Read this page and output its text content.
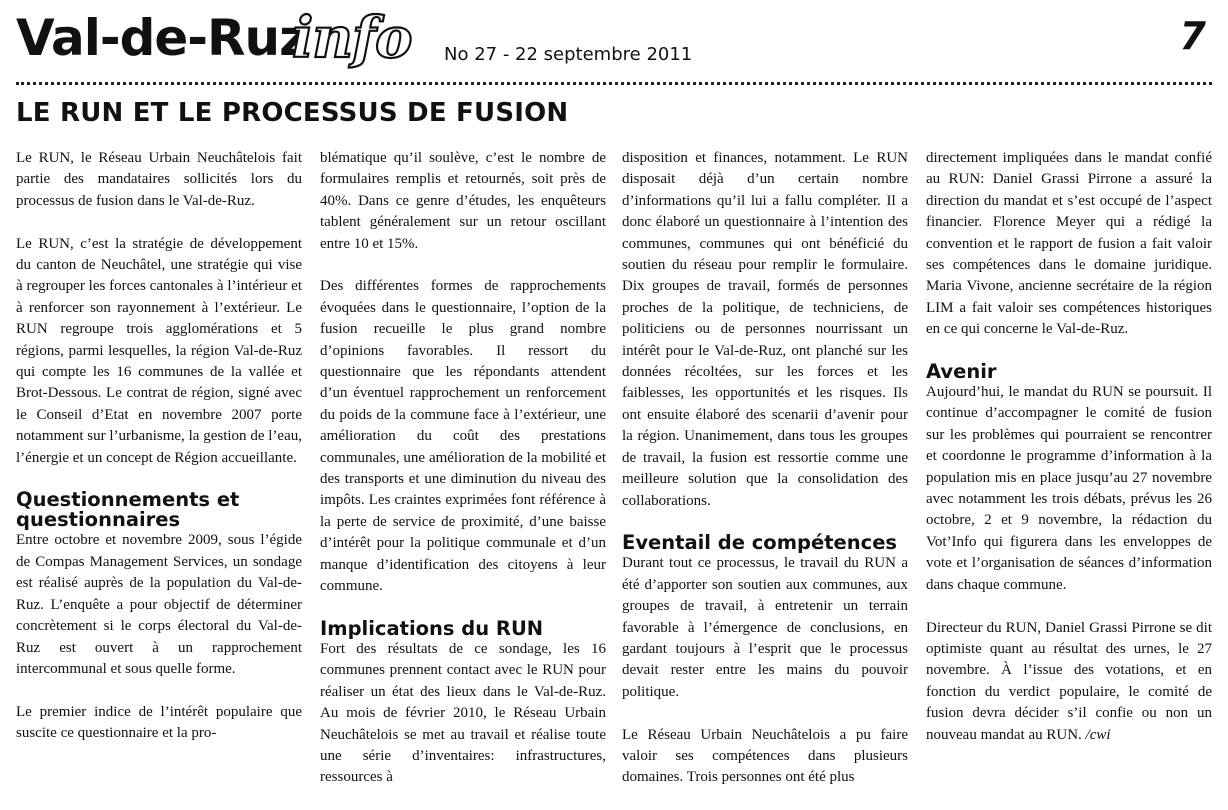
Val-de-Ruz
info No 27 - 22 septembre 2011	7
LE RUN ET LE PROCESSUS DE FUSION

Le RUN, le Réseau Urbain Neuchâtelois fait partie des mandataires sollicités lors du processus de fusion dans le Val-de-Ruz.

Le RUN, c’est la stratégie de développement du canton de Neuchâtel, une stratégie qui vise à regrouper les forces cantonales à l’intérieur et à renforcer son rayonnement à l’extérieur. Le RUN regroupe trois agglomérations et 5 régions, parmi lesquelles, la région Val-de-Ruz qui compte les 16 communes de la vallée et Brot-Dessous. Le contrat de région, signé avec le Conseil d’Etat en novembre 2007 porte notamment sur l’urbanisme, la gestion de l’eau, l’énergie et un concept de Région accueillante.

Questionnements et questionnaires

Entre octobre et novembre 2009, sous l’égide de Compas Management Services, un sondage est réalisé auprès de la population du Val-de-Ruz. L’enquête a pour objectif de déterminer concrètement si le corps électoral du Val-de-Ruz est ouvert à un rapprochement intercommunal et sous quelle forme.

Le premier indice de l’intérêt populaire que suscite ce questionnaire et la pro-

blématique qu’il soulève, c’est le nombre de formulaires remplis et retournés, soit près de 40%. Dans ce genre d’études, les enquêteurs tablent généralement sur un retour oscillant entre 10 et 15%.

Des différentes formes de rapprochements évoquées dans le questionnaire, l’option de la fusion recueille le plus grand nombre d’opinions favorables. Il ressort du questionnaire que les répondants attendent d’un éventuel rapprochement un renforcement du poids de la commune face à l’extérieur, une amélioration du coût des prestations communales, une amélioration de la mobilité et des transports et une diminution du niveau des impôts. Les craintes exprimées font référence à la perte de service de proximité, d’une baisse d’intérêt pour la politique communale et d’un manque d’identification des citoyens à leur commune.

Implications du RUN

Fort des résultats de ce sondage, les 16 communes prennent contact avec le RUN pour réaliser un état des lieux dans le Val-de-Ruz. Au mois de février 2010, le Réseau Urbain Neuchâtelois se met au travail et réalise toute une série d’inventaires: infrastructures, ressources à

disposition et finances, notamment. Le RUN disposait déjà d’un certain nombre d’informations qu’il lui a fallu compléter. Il a donc élaboré un questionnaire à l’intention des communes, communes qui ont bénéficié du soutien du réseau pour remplir le formulaire. Dix groupes de travail, formés de personnes proches de la politique, de techniciens, de politiciens ou de personnes nourrissant un intérêt pour le Val-de-Ruz, ont planché sur les données récoltées, sur les forces et les faiblesses, les opportunités et les risques. Ils ont ensuite élaboré des scenarii d’avenir pour la région. Unanimement, dans tous les groupes de travail, la fusion est ressortie comme une meilleure solution que la consolidation des collaborations.

Eventail de compétences

Durant tout ce processus, le travail du RUN a été d’apporter son soutien aux communes, aux groupes de travail, à entretenir un terrain favorable à l’émergence de conclusions, en gardant toujours à l’esprit que le processus devait rester entre les mains du pouvoir politique.

Le Réseau Urbain Neuchâtelois a pu faire valoir ses compétences dans plusieurs domaines. Trois personnes ont été plus

directement impliquées dans le mandat confié au RUN: Daniel Grassi Pirrone a assuré la direction du mandat et s’est occupé de l’aspect financier. Florence Meyer qui a rédigé la convention et le rapport de fusion a fait valoir ses compétences dans le domaine juridique. Maria Vivone, ancienne secrétaire de la région LIM a fait valoir ses compétences historiques en ce qui concerne le Val-de-Ruz.

Avenir

Aujourd’hui, le mandat du RUN se poursuit. Il continue d’accompagner le comité de fusion sur les problèmes qui pourraient se rencontrer et coordonne le programme d’information à la population mis en place jusqu’au 27 novembre avec notamment les trois débats, prévus les 26 octobre, 2 et 9 novembre, la rédaction du Vot’Info qui figurera dans les enveloppes de vote et l’organisation de séances d’information dans chaque commune.

Directeur du RUN, Daniel Grassi Pirrone se dit optimiste quant au résultat des urnes, le 27 novembre. À l’issue des votations, et en fonction du verdict populaire, le comité de fusion devra décider s’il confie ou non un nouveau mandat au RUN. /cwi
